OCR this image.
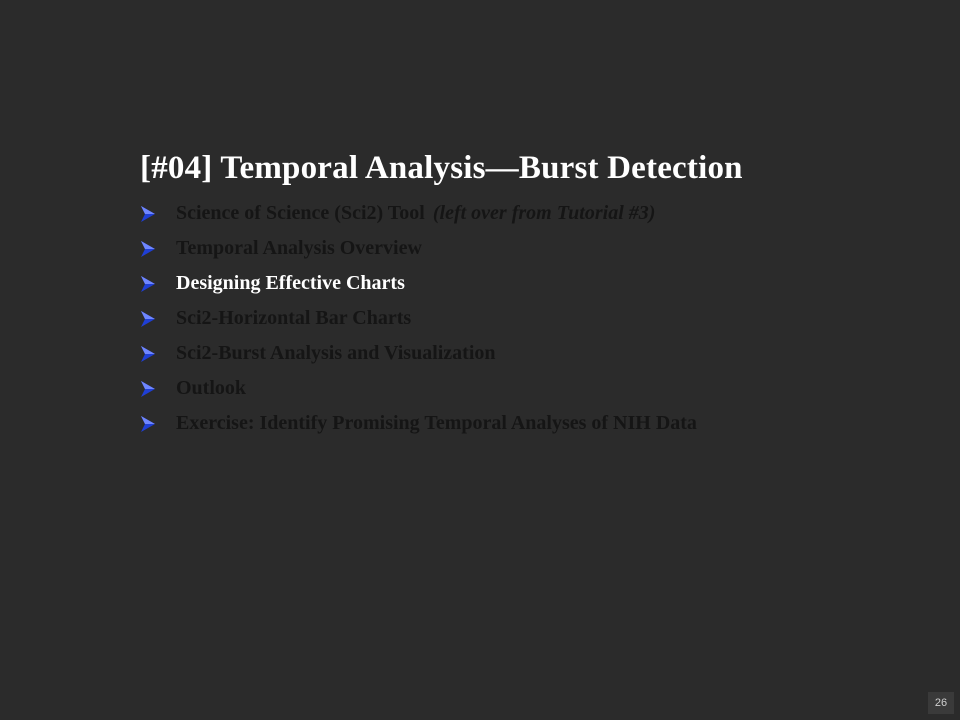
[#04] Temporal Analysis—Burst Detection
Science of Science (Sci2) Tool (left over from Tutorial #3)
Temporal Analysis Overview
Designing Effective Charts
Sci2-Horizontal Bar Charts
Sci2-Burst Analysis and Visualization
Outlook
Exercise: Identify Promising Temporal Analyses of NIH Data
26
